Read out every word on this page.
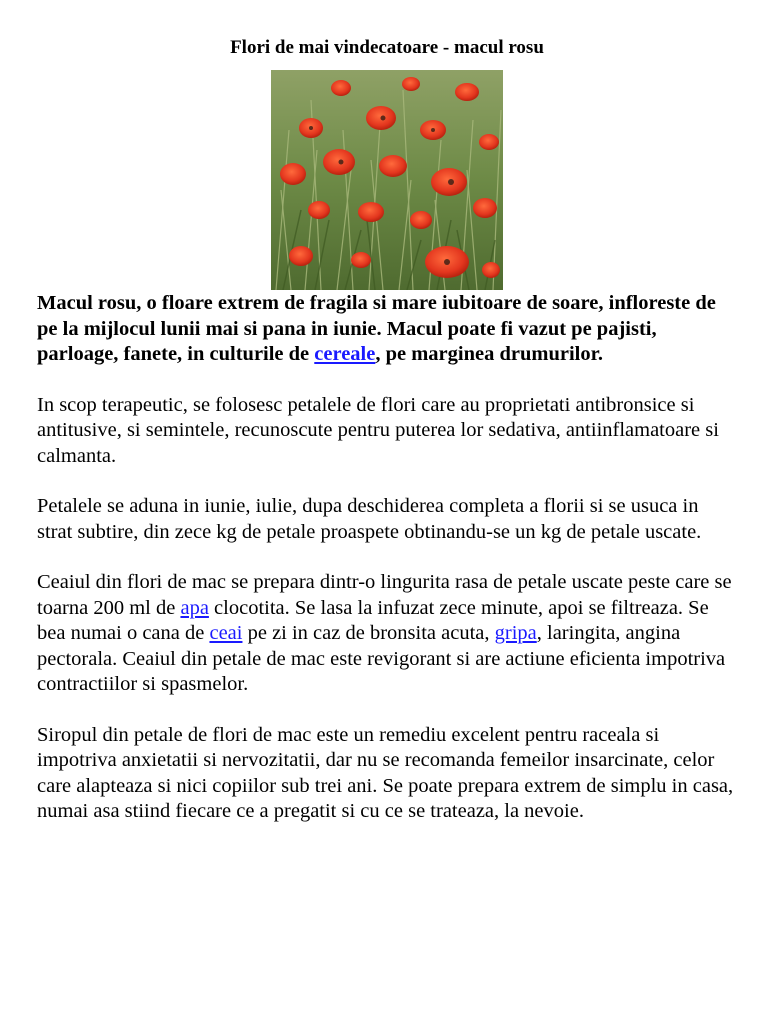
Flori de mai vindecatoare - macul rosu

Macul rosu, o floare extrem de fragila si mare iubitoare de soare, infloreste de pe la mijlocul lunii mai si pana in iunie. Macul poate fi vazut pe pajisti, parloage, fanete, in culturile de cereale, pe marginea drumurilor.

In scop terapeutic, se folosesc petalele de flori care au proprietati antibronsice si antitusive, si semintele, recunoscute pentru puterea lor sedativa, antiinflamatoare si calmanta.

Petalele se aduna in iunie, iulie, dupa deschiderea completa a florii si se usuca in strat subtire, din zece kg de petale proaspete obtinandu-se un kg de petale uscate.

Ceaiul din flori de mac se prepara dintr-o lingurita rasa de petale uscate peste care se toarna 200 ml de apa clocotita. Se lasa la infuzat zece minute, apoi se filtreaza. Se bea numai o cana de ceai pe zi in caz de bronsita acuta, gripa, laringita, angina pectorala. Ceaiul din petale de mac este revigorant si are actiune eficienta impotriva contractiilor si spasmelor.

Siropul din petale de flori de mac este un remediu excelent pentru raceala si impotriva anxietatii si nervozitatii, dar nu se recomanda femeilor insarcinate, celor care alapteaza si nici copiilor sub trei ani. Se poate prepara extrem de simplu in casa, numai asa stiind fiecare ce a pregatit si cu ce se trateaza, la nevoie.
